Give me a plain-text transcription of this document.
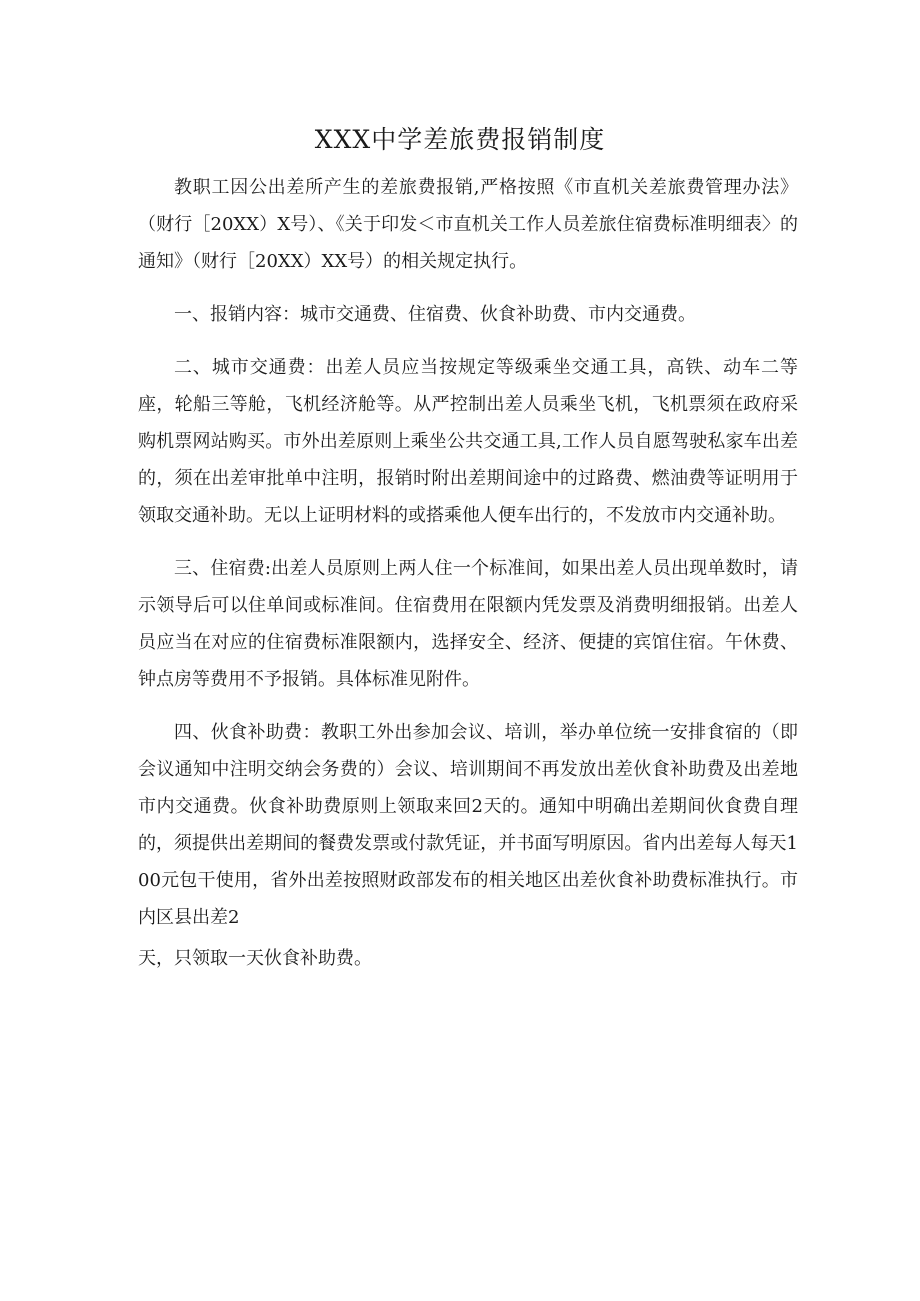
XXX中学差旅费报销制度

教职工因公出差所产生的差旅费报销,严格按照《市直机关差旅费管理办法》（财行［20XX）X号）、《关于印发＜市直机关工作人员差旅住宿费标准明细表〉的通知》（财行［20XX）XX号）的相关规定执行。

一、报销内容：城市交通费、住宿费、伙食补助费、市内交通费。

二、城市交通费：出差人员应当按规定等级乘坐交通工具，高铁、动车二等座，轮船三等舱，飞机经济舱等。从严控制出差人员乘坐飞机，飞机票须在政府采购机票网站购买。市外出差原则上乘坐公共交通工具,工作人员自愿驾驶私家车出差的，须在出差审批单中注明，报销时附出差期间途中的过路费、燃油费等证明用于领取交通补助。无以上证明材料的或搭乘他人便车出行的，不发放市内交通补助。

三、住宿费:出差人员原则上两人住一个标准间，如果出差人员出现单数时，请示领导后可以住单间或标准间。住宿费用在限额内凭发票及消费明细报销。出差人员应当在对应的住宿费标准限额内，选择安全、经济、便捷的宾馆住宿。午休费、钟点房等费用不予报销。具体标准见附件。

四、伙食补助费：教职工外出参加会议、培训，举办单位统一安排食宿的（即会议通知中注明交纳会务费的）会议、培训期间不再发放出差伙食补助费及出差地市内交通费。伙食补助费原则上领取来回2天的。通知中明确出差期间伙食费自理的，须提供出差期间的餐费发票或付款凭证，并书面写明原因。省内出差每人每天100元包干使用，省外出差按照财政部发布的相关地区出差伙食补助费标准执行。市内区县出差2

天，只领取一天伙食补助费。
